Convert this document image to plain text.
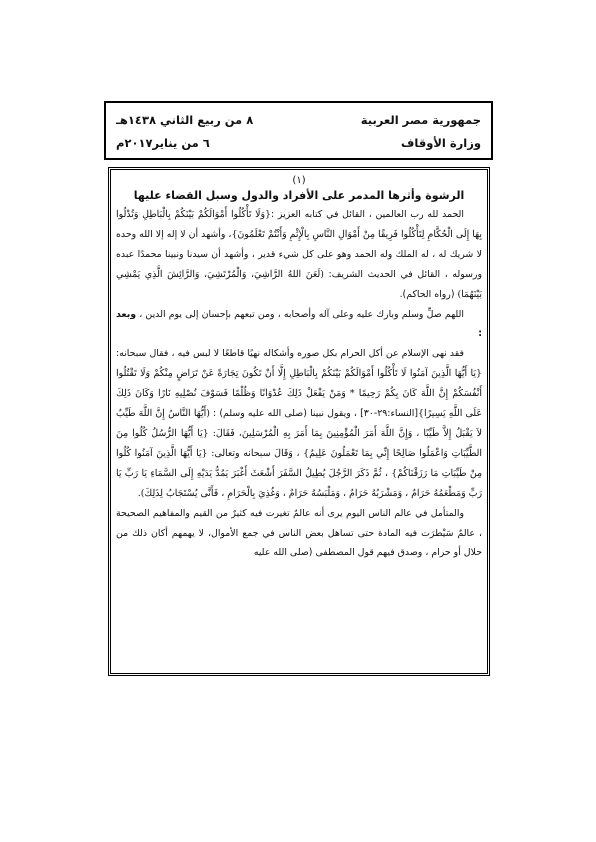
جمهورية مصر العربية
٨ من ربيع الثاني ١٤٣٨هـ
وزارة الأوقاف
٦ من يناير٢٠١٧م

(١)

الرشوة وأثرها المدمر على الأفراد والدول وسبل القضاء عليها

الحمد لله رب العالمين ، القائل في كتابه العزيز :{وَلَا تَأْكُلُوا أَمْوَالَكُمْ بَيْنَكُمْ بِالْبَاطِلِ وَتُدْلُوا بِهَا إِلَى الْحُكَّامِ لِتَأْكُلُوا فَرِيقًا مِنْ أَمْوَالِ النَّاسِ بِالْإِثْمِ وَأَنْتُمْ تَعْلَمُونَ}، وأشهد أن لا إله إلا الله وحده لا شريك له ، له الملك وله الحمد وهو على كل شيء قدير ، وأشهد أن سيدنا ونبينا محمدًا عبده ورسوله ، القائل في الحديث الشريف: (لَعَنَ اللهُ الرَّاشِيَ، وَالْمُرْتَشِيَ، وَالرَّائِشَ الَّذِي يَمْشِي بَيْنَهُمَا) (رواه الحاكم).

اللهم صلِّ وسلم وبارك عليه وعلى آله وأصحابه ، ومن تبعهم بإحسان إلى يوم الدين ، وبعد :

فقد نهى الإسلام عن أكل الحرام بكل صوره وأشكاله نهيًا قاطعًا لا لبس فيه ، فقال سبحانه:{يَا أَيُّهَا الَّذِينَ آمَنُوا لَا تَأْكُلُوا أَمْوَالَكُمْ بَيْنَكُمْ بِالْبَاطِلِ إِلَّا أَنْ تَكُونَ تِجَارَةً عَنْ تَرَاضٍ مِنْكُمْ وَلَا تَقْتُلُوا أَنْفُسَكُمْ إِنَّ اللَّهَ كَانَ بِكُمْ رَحِيمًا * وَمَنْ يَفْعَلْ ذَلِكَ عُدْوَانًا وَظُلْمًا فَسَوْفَ نُصْلِيهِ نَارًا وَكَانَ ذَلِكَ عَلَى اللَّهِ يَسِيرًا}[النساء:٢٩-٣٠] ، ويقول نبينا (صلى الله عليه وسلم) : (أَيُّهَا النَّاسُ إِنَّ اللَّهَ طَيِّبٌ لاَ يَقْبَلُ إِلاَّ طَيِّبًا ، وَإِنَّ اللَّهَ أَمَرَ الْمُؤْمِنِينَ بِمَا أَمَرَ بِهِ الْمُرْسَلِينَ، فَقَالَ: {يَا أَيُّهَا الرُّسُلُ كُلُوا مِنَ الطَّيِّبَاتِ وَاعْمَلُوا صَالِحًا إِنِّي بِمَا تَعْمَلُونَ عَلِيمٌ} ، وَقَالَ سبحانه وتعالى: {يَا أَيُّهَا الَّذِينَ آمَنُوا كُلُوا مِنْ طَيِّبَاتِ مَا رَزَقْنَاكُمْ} ، ثُمَّ ذَكَرَ الرَّجُلَ يُطِيلُ السَّفَرَ أَشْعَثَ أَغْبَرَ يَمُدُّ يَدَيْهِ إِلَى السَّمَاءِ يَا رَبِّ يَا رَبِّ وَمَطْعَمُهُ حَرَامٌ ، وَمَشْرَبُهُ حَرَامٌ ، وَمَلْبَسُهُ حَرَامٌ ، وَغُذِيَ بِالْحَرَامِ ، فَأَنَّى يُسْتَجَابُ لِذَلِكَ).

والمتأمل في عالم الناس اليوم يرى أنه عالمٌ تغيرت فيه كثيرٌ من القيم والمفاهيم الصحيحة ، عالمٌ سَيْطرَت فيه المادة حتى تساهل بعض الناس في جمع الأموال، لا يهمهم أكان ذلك من حلال أو حرام ، وصدق فيهم قول المصطفى (صلى الله عليه
